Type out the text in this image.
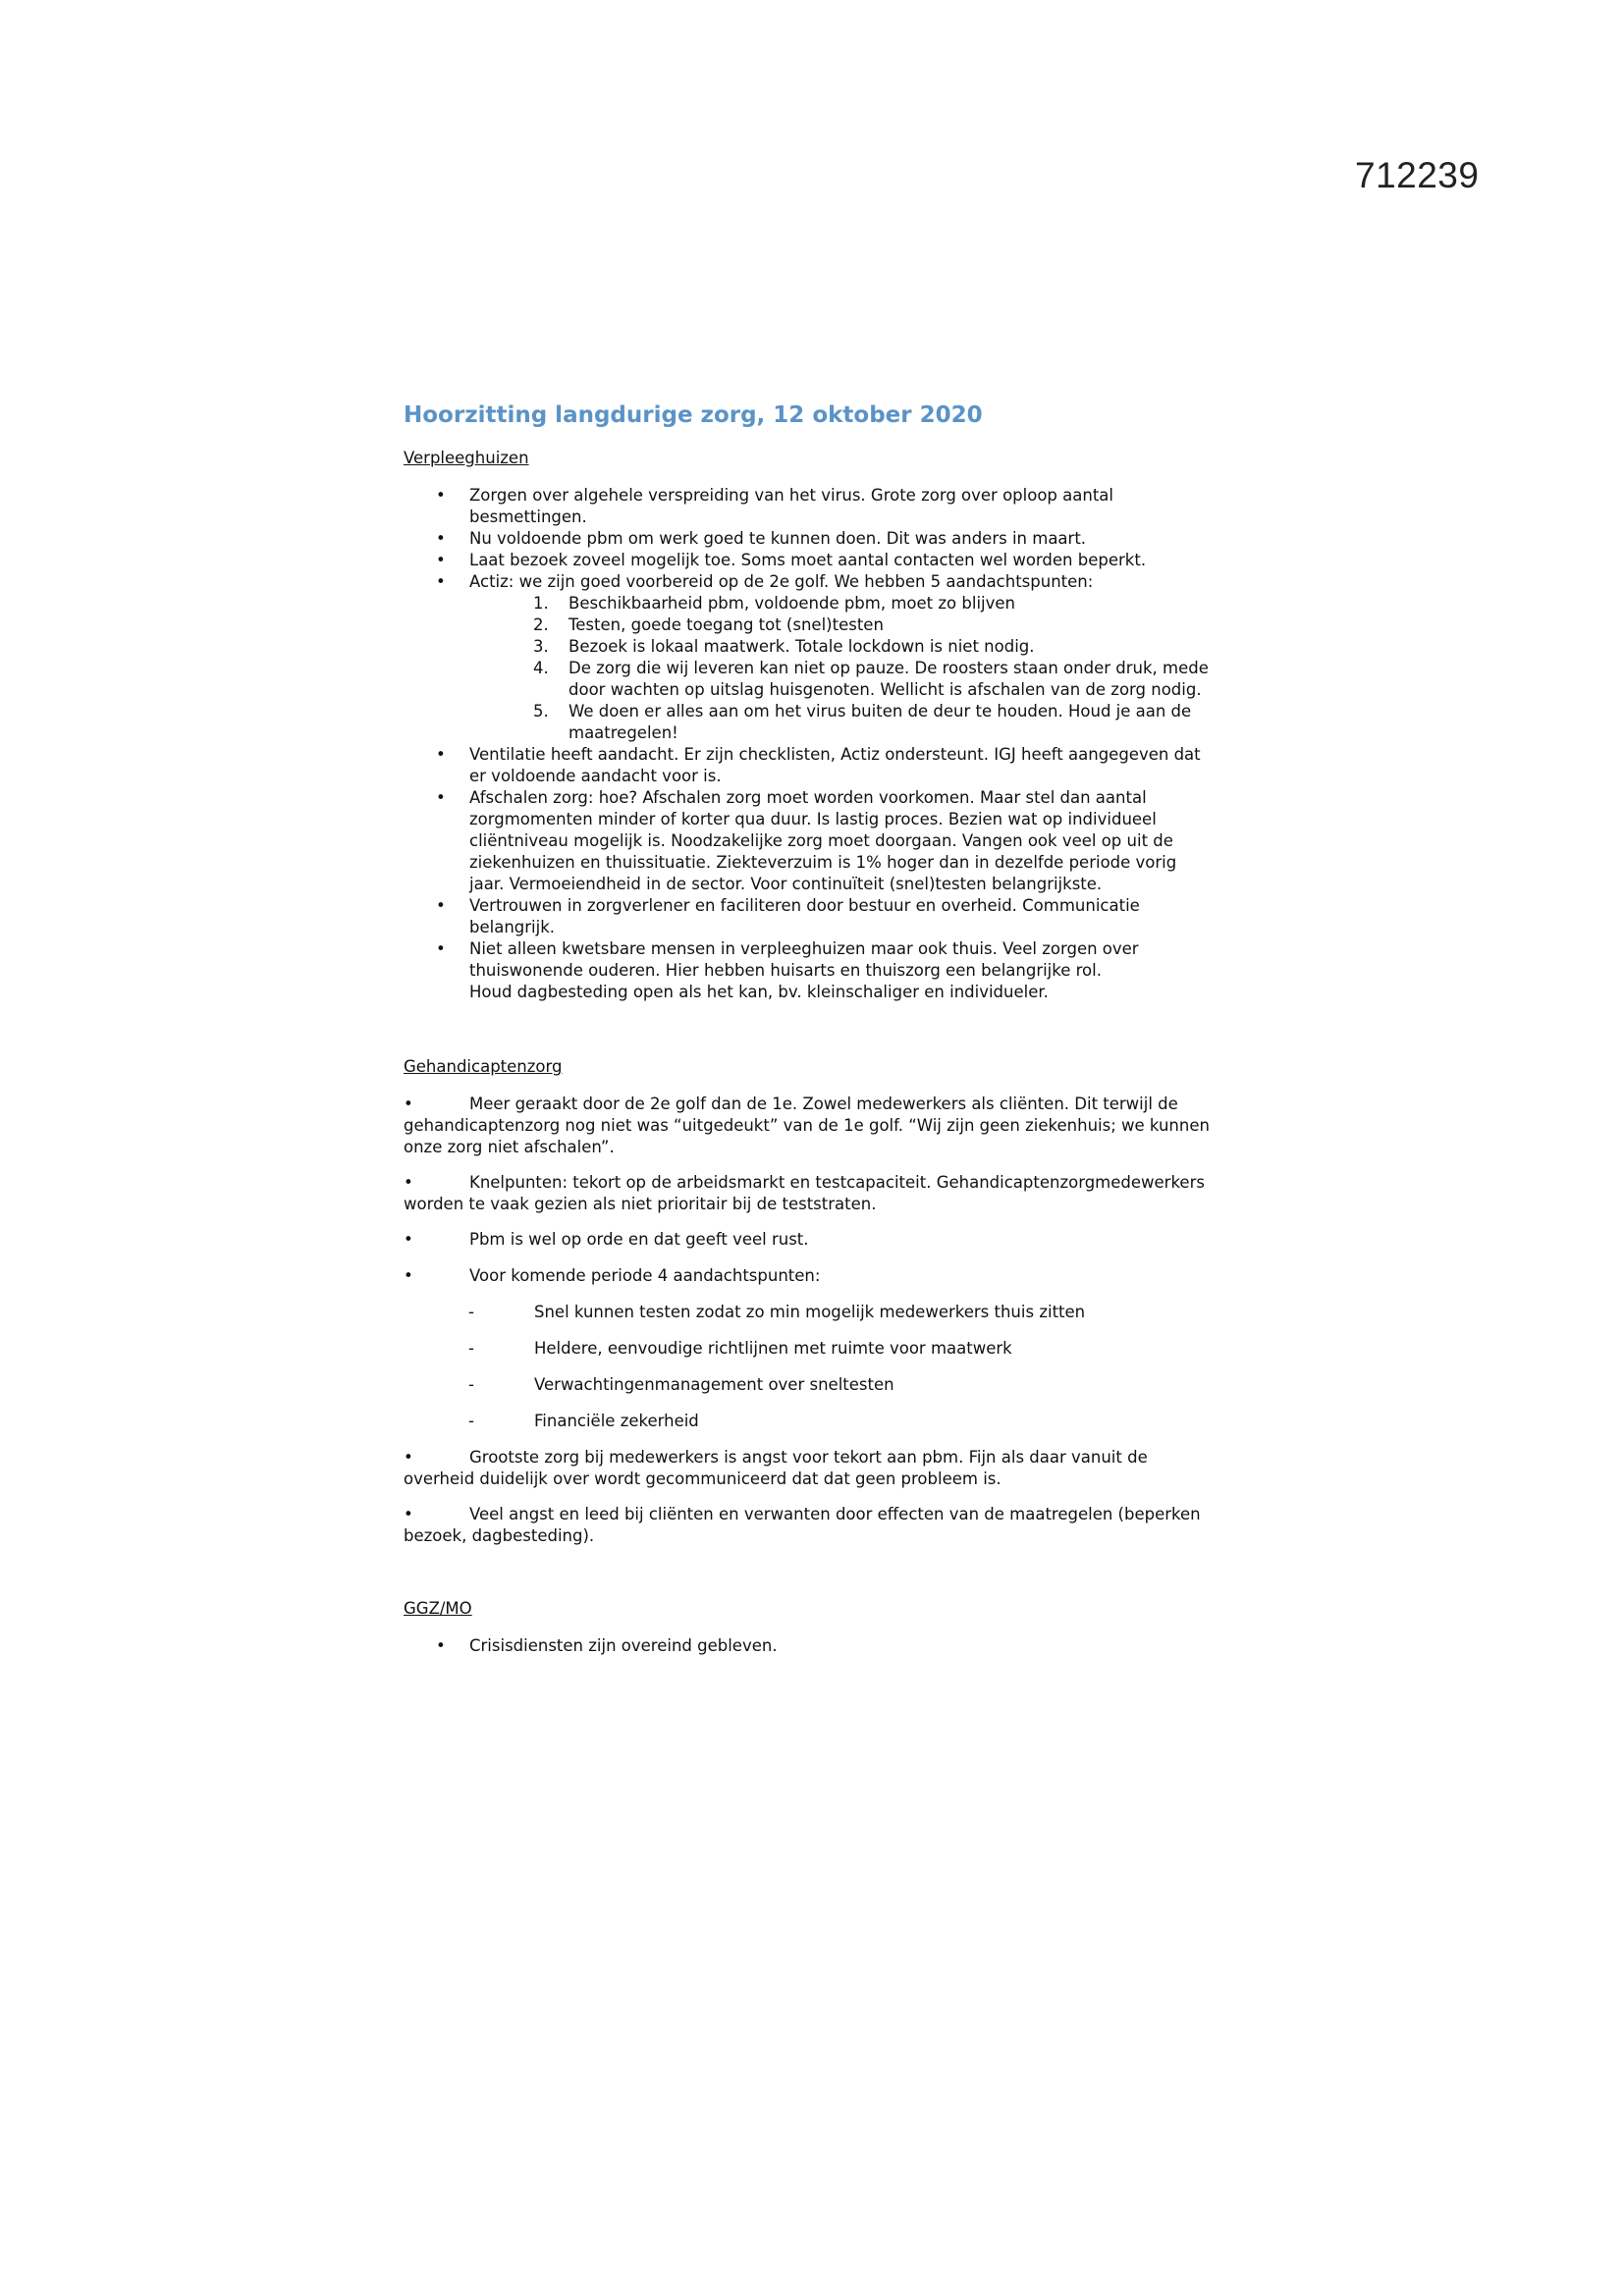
712239
Hoorzitting langdurige zorg, 12 oktober 2020
Verpleeghuizen
• Zorgen over algehele verspreiding van het virus. Grote zorg over oploop aantal
besmettingen.
• Nu voldoende pbm om werk goed te kunnen doen. Dit was anders in maart.
• Laat bezoek zoveel mogelijk toe. Soms moet aantal contacten wel worden beperkt.
• Actiz: we zijn goed voorbereid op de 2e golf. We hebben 5 aandachtspunten:
1. Beschikbaarheid pbm, voldoende pbm, moet zo blijven
2. Testen, goede toegang tot (snel)testen
3. Bezoek is lokaal maatwerk. Totale lockdown is niet nodig.
4. De zorg die wij leveren kan niet op pauze. De roosters staan onder druk, mede
door wachten op uitslag huisgenoten. Wellicht is afschalen van de zorg nodig.
5. We doen er alles aan om het virus buiten de deur te houden. Houd je aan de
maatregelen!
• Ventilatie heeft aandacht. Er zijn checklisten, Actiz ondersteunt. IGJ heeft aangegeven dat
er voldoende aandacht voor is.
• Afschalen zorg: hoe? Afschalen zorg moet worden voorkomen. Maar stel dan aantal
zorgmomenten minder of korter qua duur. Is lastig proces. Bezien wat op individueel
cliëntniveau mogelijk is. Noodzakelijke zorg moet doorgaan. Vangen ook veel op uit de
ziekenhuizen en thuissituatie. Ziekteverzuim is 1% hoger dan in dezelfde periode vorig
jaar. Vermoeiendheid in de sector. Voor continuïteit (snel)testen belangrijkste.
• Vertrouwen in zorgverlener en faciliteren door bestuur en overheid. Communicatie
belangrijk.
• Niet alleen kwetsbare mensen in verpleeghuizen maar ook thuis. Veel zorgen over
thuiswonende ouderen. Hier hebben huisarts en thuiszorg een belangrijke rol.
Houd dagbesteding open als het kan, bv. kleinschaliger en individueler.
Gehandicaptenzorg
•	Meer geraakt door de 2e golf dan de 1e. Zowel medewerkers als cliënten. Dit terwijl de
gehandicaptenzorg nog niet was “uitgedeukt” van de 1e golf. “Wij zijn geen ziekenhuis; we kunnen
onze zorg niet afschalen”.
•	Knelpunten: tekort op de arbeidsmarkt en testcapaciteit. Gehandicaptenzorgmedewerkers
worden te vaak gezien als niet prioritair bij de teststraten.
•	Pbm is wel op orde en dat geeft veel rust.
•	Voor komende periode 4 aandachtspunten:
-	Snel kunnen testen zodat zo min mogelijk medewerkers thuis zitten
-	Heldere, eenvoudige richtlijnen met ruimte voor maatwerk
-	Verwachtingenmanagement over sneltesten
-	Financiële zekerheid
•	Grootste zorg bij medewerkers is angst voor tekort aan pbm. Fijn als daar vanuit de
overheid duidelijk over wordt gecommuniceerd dat dat geen probleem is.
•	Veel angst en leed bij cliënten en verwanten door effecten van de maatregelen (beperken
bezoek, dagbesteding).
GGZ/MO
• Crisisdiensten zijn overeind gebleven.
